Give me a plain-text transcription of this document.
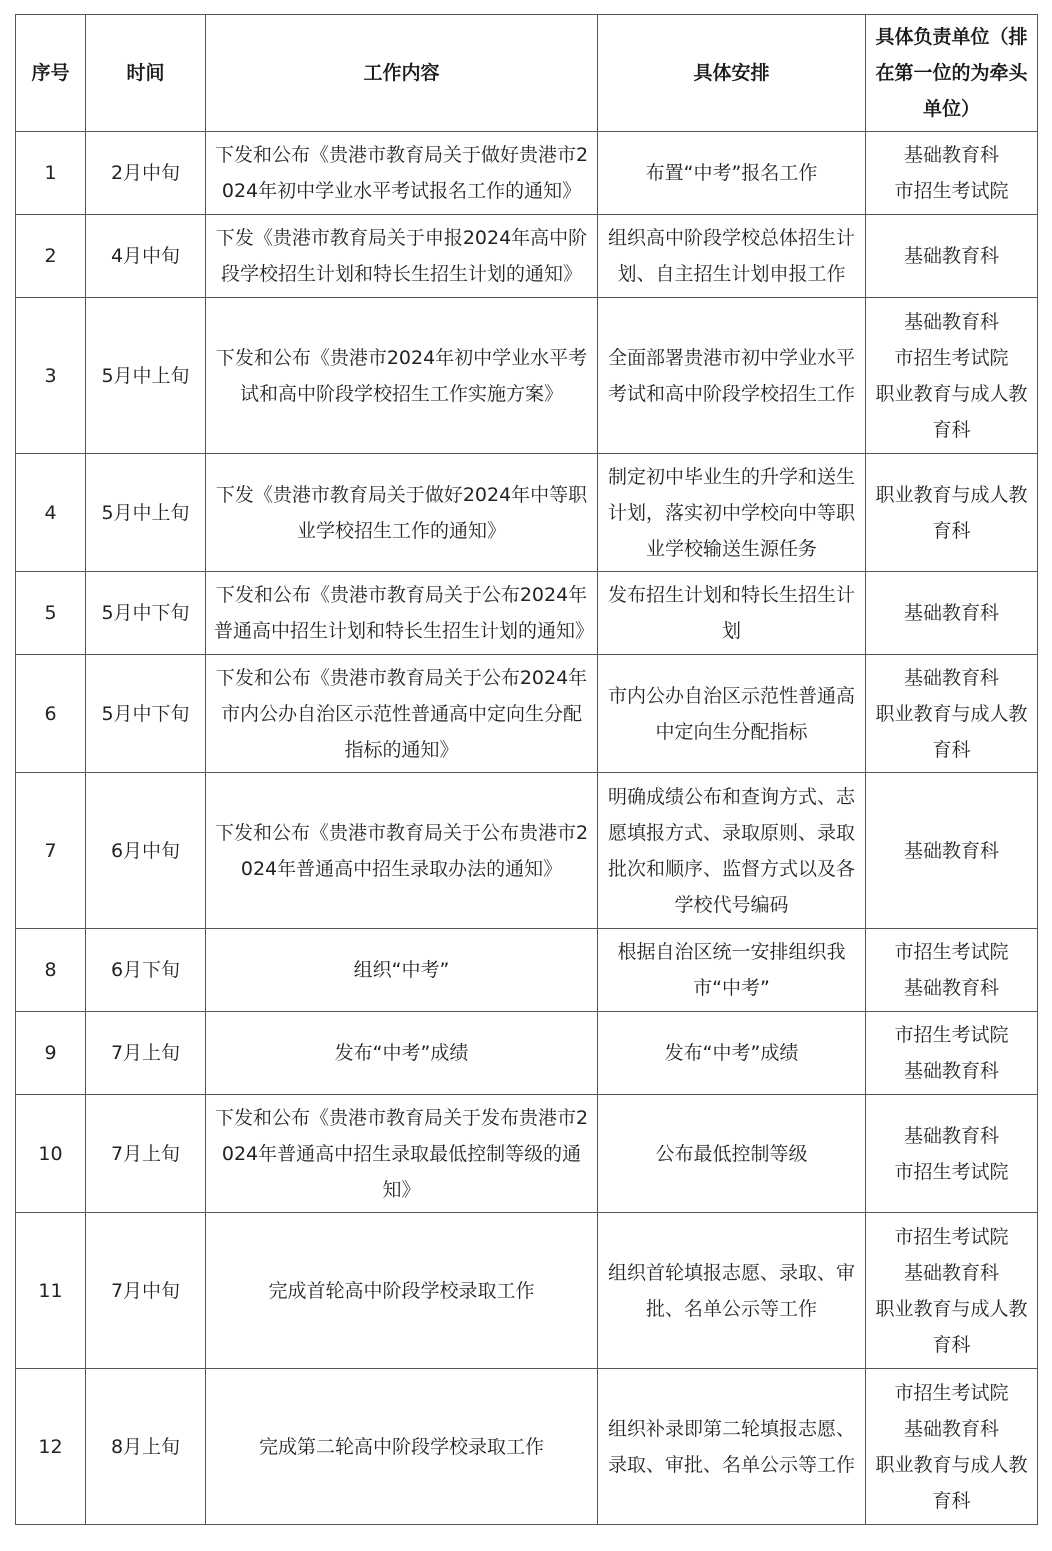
序号	时间	工作内容	具体安排	具体负责单位（排在第一位的为牵头单位）
1	2月中旬	下发和公布《贵港市教育局关于做好贵港市2024年初中学业水平考试报名工作的通知》	布置“中考”报名工作	基础教育科
市招生考试院

2	4月中旬	下发《贵港市教育局关于申报2024年高中阶段学校招生计划和特长生招生计划的通知》	组织高中阶段学校总体招生计划、自主招生计划申报工作	基础教育科

3	5月中上旬	下发和公布《贵港市2024年初中学业水平考试和高中阶段学校招生工作实施方案》	全面部署贵港市初中学业水平考试和高中阶段学校招生工作	基础教育科
市招生考试院
职业教育与成人教育科

4	5月中上旬	下发《贵港市教育局关于做好2024年中等职业学校招生工作的通知》	制定初中毕业生的升学和送生计划，落实初中学校向中等职业学校输送生源任务	职业教育与成人教育科

5	5月中下旬	下发和公布《贵港市教育局关于公布2024年普通高中招生计划和特长生招生计划的通知》	发布招生计划和特长生招生计划	基础教育科

6	5月中下旬	下发和公布《贵港市教育局关于公布2024年市内公办自治区示范性普通高中定向生分配指标的通知》	市内公办自治区示范性普通高中定向生分配指标	基础教育科
职业教育与成人教育科

7	6月中旬	下发和公布《贵港市教育局关于公布贵港市2024年普通高中招生录取办法的通知》	明确成绩公布和查询方式、志愿填报方式、录取原则、录取批次和顺序、监督方式以及各学校代号编码	基础教育科

8	6月下旬	组织“中考”	根据自治区统一安排组织我市“中考”	市招生考试院
基础教育科

9	7月上旬	发布“中考”成绩	发布“中考”成绩	市招生考试院
基础教育科

10	7月上旬	下发和公布《贵港市教育局关于发布贵港市2024年普通高中招生录取最低控制等级的通知》	公布最低控制等级	基础教育科
市招生考试院

11	7月中旬	完成首轮高中阶段学校录取工作	组织首轮填报志愿、录取、审批、名单公示等工作	市招生考试院
基础教育科
职业教育与成人教育科

12	8月上旬	完成第二轮高中阶段学校录取工作	组织补录即第二轮填报志愿、录取、审批、名单公示等工作	市招生考试院
基础教育科
职业教育与成人教育科
